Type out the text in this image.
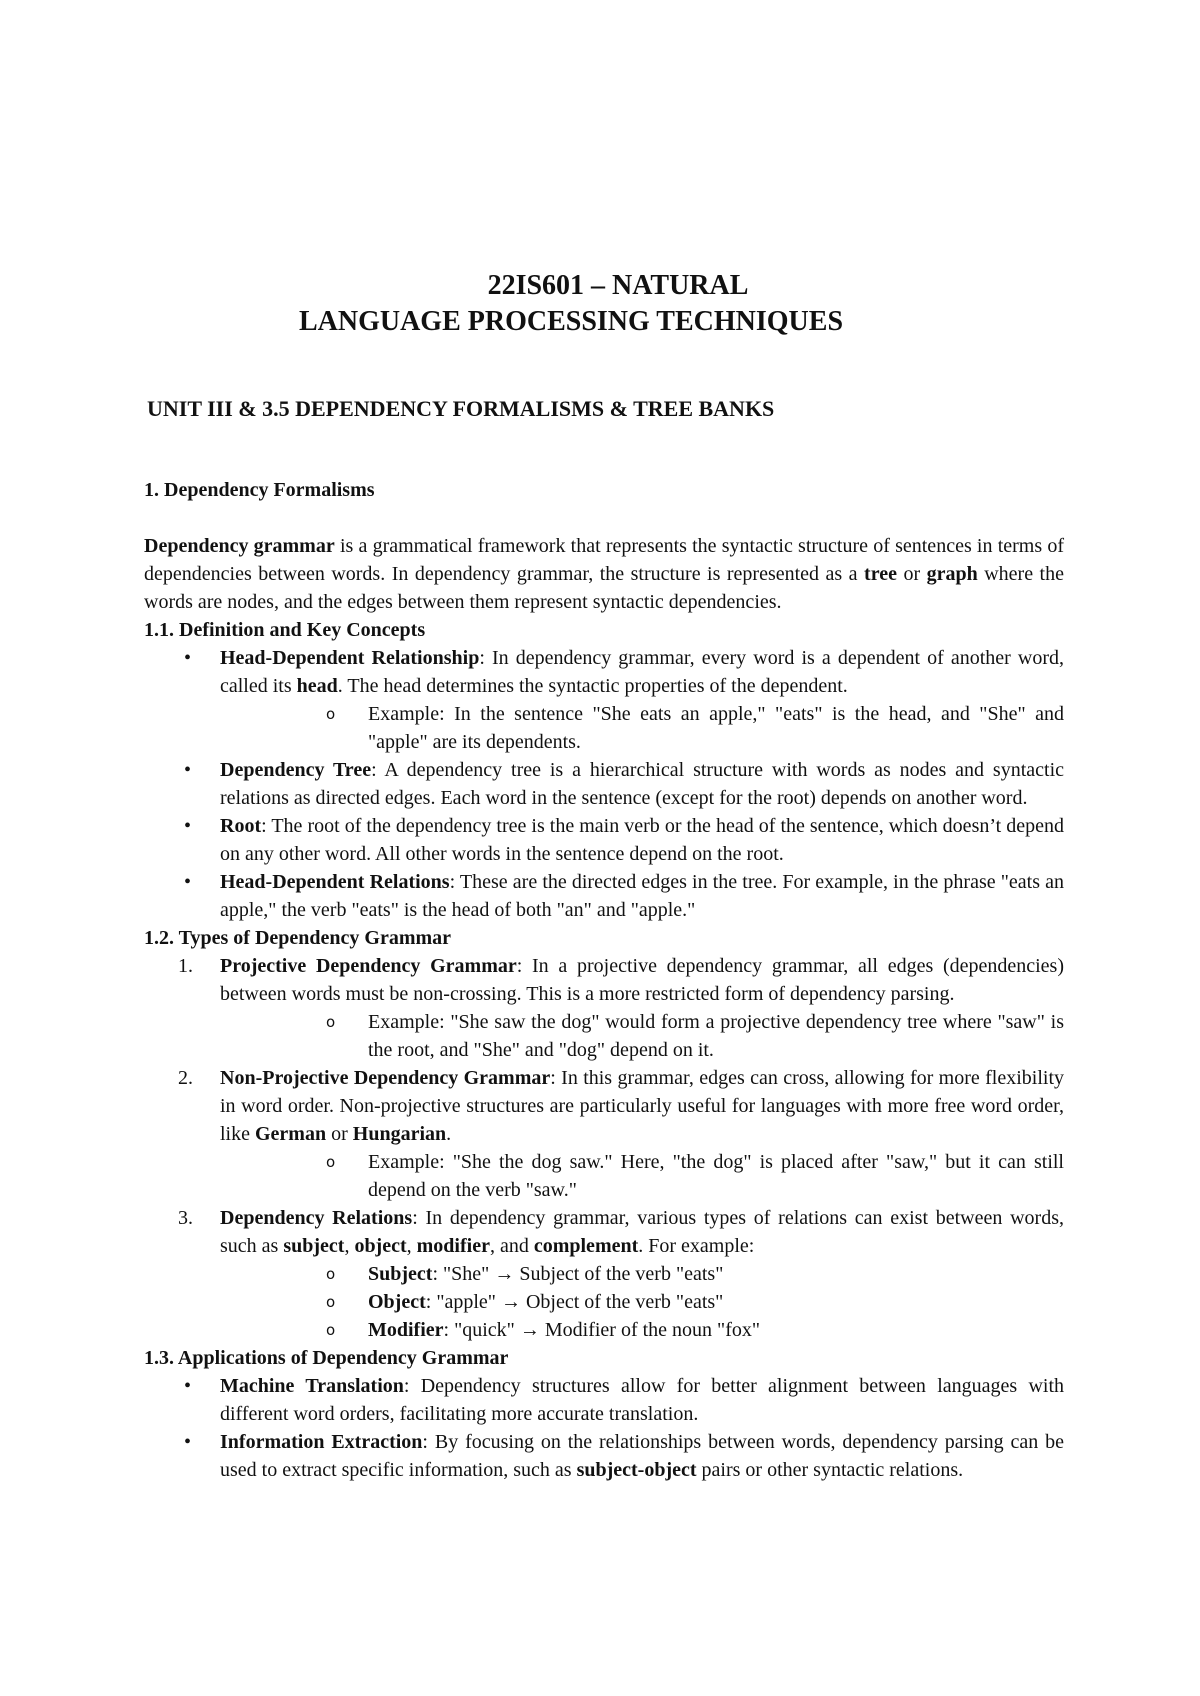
22IS601 – NATURAL
LANGUAGE PROCESSING TECHNIQUES
UNIT III & 3.5 DEPENDENCY FORMALISMS & TREE BANKS

1. Dependency Formalisms

Dependency grammar is a grammatical framework that represents the syntactic structure of sentences in terms of dependencies between words. In dependency grammar, the structure is represented as a tree or graph where the words are nodes, and the edges between them represent syntactic dependencies.

1.1. Definition and Key Concepts

• Head-Dependent Relationship: In dependency grammar, every word is a dependent of another word, called its head. The head determines the syntactic properties of the dependent.
o Example: In the sentence "She eats an apple," "eats" is the head, and "She" and "apple" are its dependents.
• Dependency Tree: A dependency tree is a hierarchical structure with words as nodes and syntactic relations as directed edges. Each word in the sentence (except for the root) depends on another word.
• Root: The root of the dependency tree is the main verb or the head of the sentence, which doesn’t depend on any other word. All other words in the sentence depend on the root.
• Head-Dependent Relations: These are the directed edges in the tree. For example, in the phrase "eats an apple," the verb "eats" is the head of both "an" and "apple."

1.2. Types of Dependency Grammar

1. Projective Dependency Grammar: In a projective dependency grammar, all edges (dependencies) between words must be non-crossing. This is a more restricted form of dependency parsing.
o Example: "She saw the dog" would form a projective dependency tree where "saw" is the root, and "She" and "dog" depend on it.
2. Non-Projective Dependency Grammar: In this grammar, edges can cross, allowing for more flexibility in word order. Non-projective structures are particularly useful for languages with more free word order, like German or Hungarian.
o Example: "She the dog saw." Here, "the dog" is placed after "saw," but it can still depend on the verb "saw."
3. Dependency Relations: In dependency grammar, various types of relations can exist between words, such as subject, object, modifier, and complement. For example:
o Subject: "She" → Subject of the verb "eats"
o Object: "apple" → Object of the verb "eats"
o Modifier: "quick" → Modifier of the noun "fox"

1.3. Applications of Dependency Grammar

• Machine Translation: Dependency structures allow for better alignment between languages with different word orders, facilitating more accurate translation.
• Information Extraction: By focusing on the relationships between words, dependency parsing can be used to extract specific information, such as subject-object pairs or other syntactic relations.
